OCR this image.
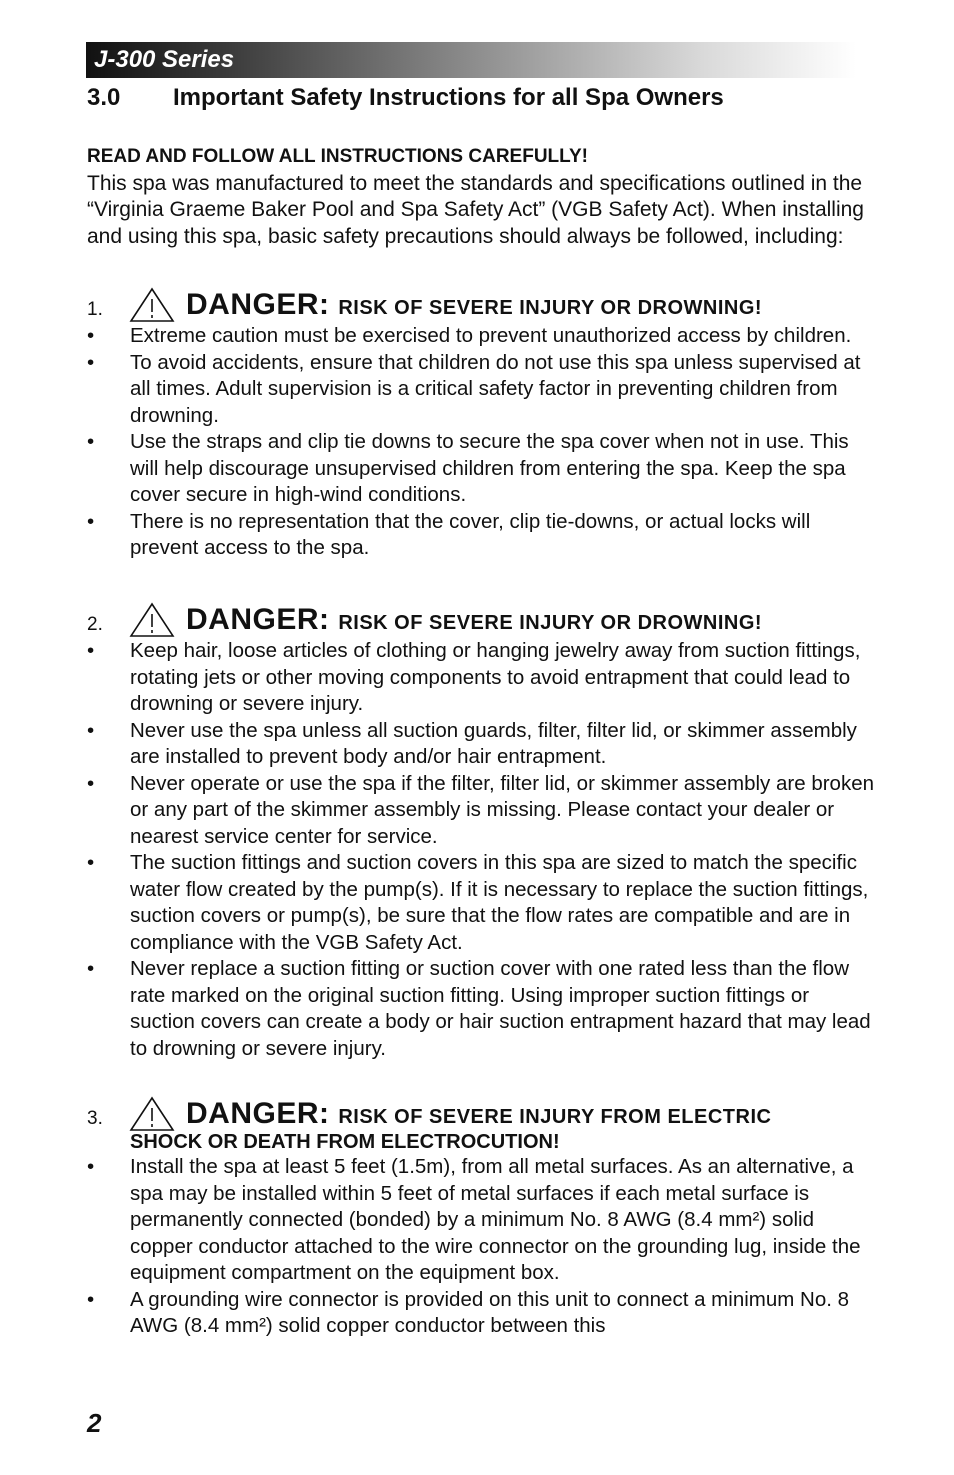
J-300 Series
3.0 Important Safety Instructions for all Spa Owners
READ AND FOLLOW ALL INSTRUCTIONS CAREFULLY!
This spa was manufactured to meet the standards and specifications outlined in the “Virginia Graeme Baker Pool and Spa Safety Act” (VGB Safety Act). When installing and using this spa, basic safety precautions should always be followed, including:
1.	DANGER: RISK OF SEVERE INJURY OR DROWNING!
• Extreme caution must be exercised to prevent unauthorized access by children.
• To avoid accidents, ensure that children do not use this spa unless supervised at all times. Adult supervision is a critical safety factor in preventing children from drowning.
• Use the straps and clip tie downs to secure the spa cover when not in use. This will help discourage unsupervised children from entering the spa. Keep the spa cover secure in high-wind conditions.
• There is no representation that the cover, clip tie-downs, or actual locks will prevent access to the spa.
2.	DANGER: RISK OF SEVERE INJURY OR DROWNING!
• Keep hair, loose articles of clothing or hanging jewelry away from suction fittings, rotating jets or other moving components to avoid entrapment that could lead to drowning or severe injury.
• Never use the spa unless all suction guards, filter, filter lid, or skimmer assembly are installed to prevent body and/or hair entrapment.
• Never operate or use the spa if the filter, filter lid, or skimmer assembly are broken or any part of the skimmer assembly is missing. Please contact your dealer or nearest service center for service.
• The suction fittings and suction covers in this spa are sized to match the specific water flow created by the pump(s). If it is necessary to replace the suction fittings, suction covers or pump(s), be sure that the flow rates are compatible and are in compliance with the VGB Safety Act.
• Never replace a suction fitting or suction cover with one rated less than the flow rate marked on the original suction fitting. Using improper suction fittings or suction covers can create a body or hair suction entrapment hazard that may lead to drowning or severe injury.
3.	DANGER: RISK OF SEVERE INJURY FROM ELECTRIC
SHOCK OR DEATH FROM ELECTROCUTION!
• Install the spa at least 5 feet (1.5m), from all metal surfaces. As an alternative, a spa may be installed within 5 feet of metal surfaces if each metal surface is permanently connected (bonded) by a minimum No. 8 AWG (8.4 mm²) solid copper conductor attached to the wire connector on the grounding lug, inside the equipment compartment on the equipment box.
• A grounding wire connector is provided on this unit to connect a minimum No. 8 AWG (8.4 mm²) solid copper conductor between this
2
